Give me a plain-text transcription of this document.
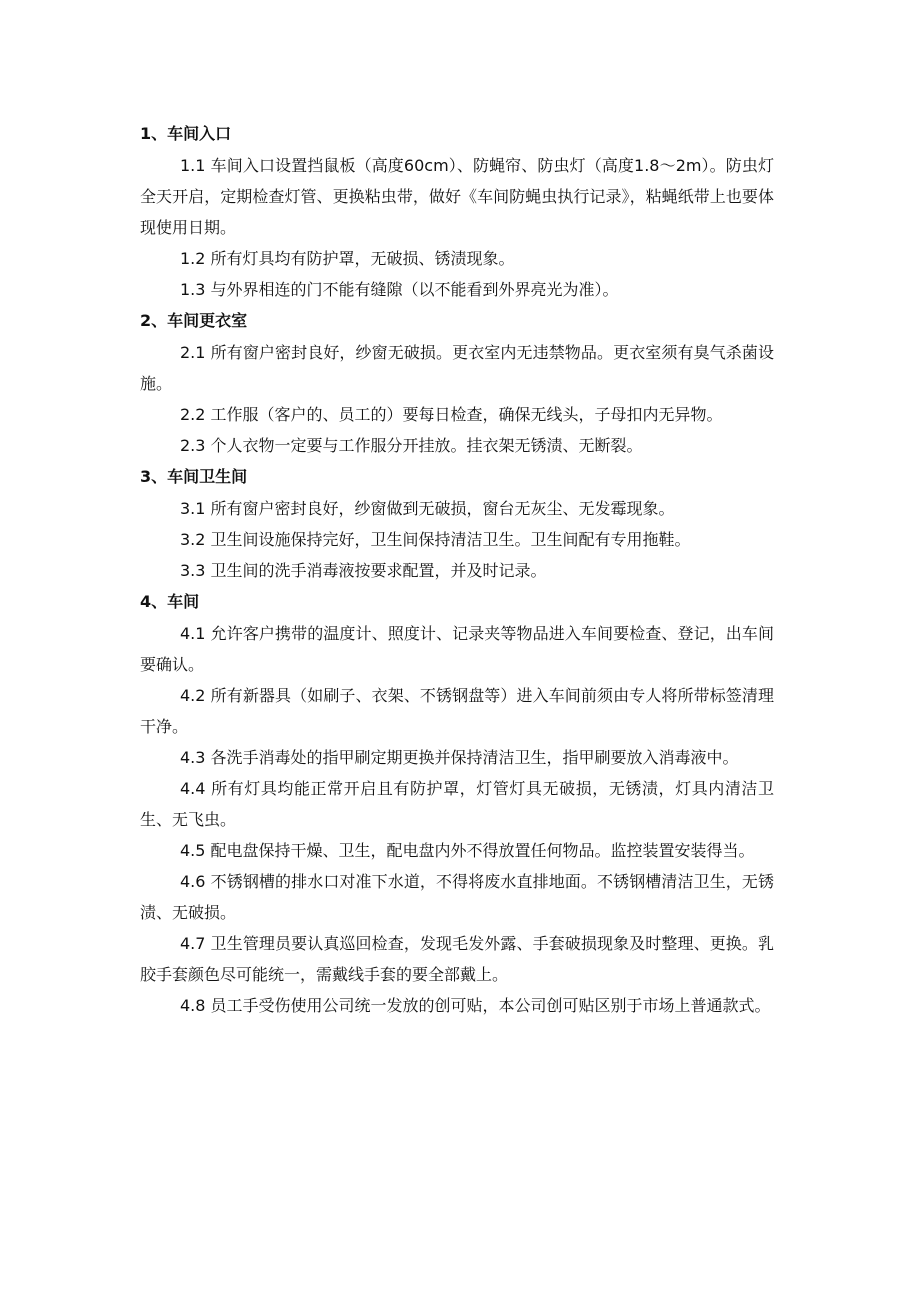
1、车间入口

1.1 车间入口设置挡鼠板（高度60cm）、防蝇帘、防虫灯（高度1.8～2m）。防虫灯全天开启，定期检查灯管、更换粘虫带，做好《车间防蝇虫执行记录》，粘蝇纸带上也要体现使用日期。

1.2 所有灯具均有防护罩，无破损、锈渍现象。

1.3 与外界相连的门不能有缝隙（以不能看到外界亮光为准）。

2、车间更衣室

2.1 所有窗户密封良好，纱窗无破损。更衣室内无违禁物品。更衣室须有臭气杀菌设施。

2.2 工作服（客户的、员工的）要每日检查，确保无线头，子母扣内无异物。

2.3 个人衣物一定要与工作服分开挂放。挂衣架无锈渍、无断裂。

3、车间卫生间

3.1 所有窗户密封良好，纱窗做到无破损，窗台无灰尘、无发霉现象。

3.2 卫生间设施保持完好，卫生间保持清洁卫生。卫生间配有专用拖鞋。

3.3 卫生间的洗手消毒液按要求配置，并及时记录。

4、车间

4.1 允许客户携带的温度计、照度计、记录夹等物品进入车间要检查、登记，出车间要确认。

4.2 所有新器具（如刷子、衣架、不锈钢盘等）进入车间前须由专人将所带标签清理干净。

4.3 各洗手消毒处的指甲刷定期更换并保持清洁卫生，指甲刷要放入消毒液中。

4.4 所有灯具均能正常开启且有防护罩，灯管灯具无破损，无锈渍，灯具内清洁卫生、无飞虫。

4.5 配电盘保持干燥、卫生，配电盘内外不得放置任何物品。监控装置安装得当。

4.6 不锈钢槽的排水口对准下水道，不得将废水直排地面。不锈钢槽清洁卫生，无锈渍、无破损。

4.7 卫生管理员要认真巡回检查，发现毛发外露、手套破损现象及时整理、更换。乳胶手套颜色尽可能统一，需戴线手套的要全部戴上。

4.8 员工手受伤使用公司统一发放的创可贴，本公司创可贴区别于市场上普通款式。
